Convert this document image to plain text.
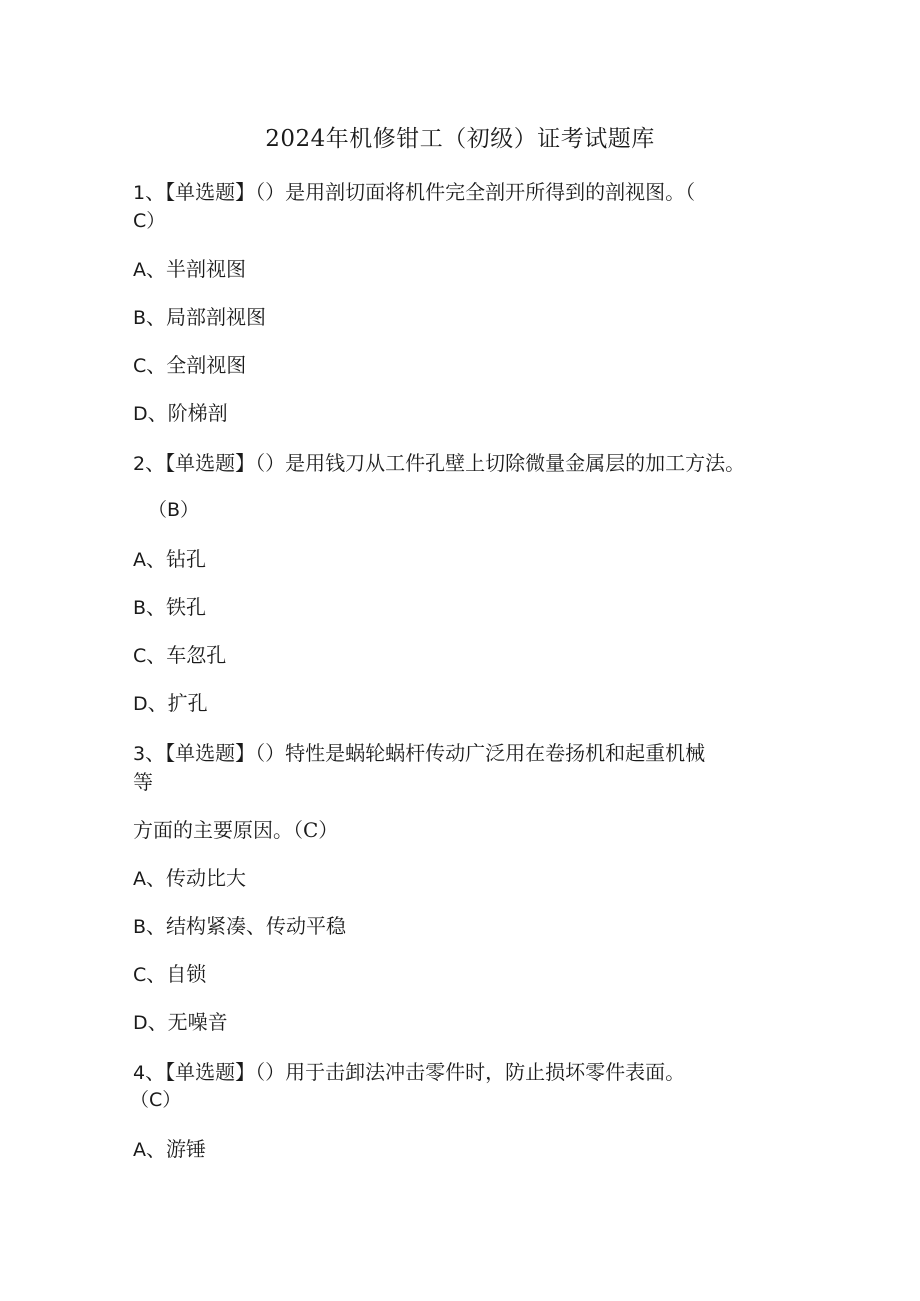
2024年机修钳工（初级）证考试题库
1、【单选题】（）是用剖切面将机件完全剖开所得到的剖视图。（
C）
A、半剖视图
B、局部剖视图
C、全剖视图
D、阶梯剖
2、【单选题】（）是用钱刀从工件孔壁上切除微量金属层的加工方法。
（B）
A、钻孔
B、铁孔
C、车忽孔
D、扩孔
3、【单选题】（）特性是蜗轮蜗杆传动广泛用在卷扬机和起重机械
等
方面的主要原因。（C）
A、传动比大
B、结构紧凑、传动平稳
C、自锁
D、无噪音
4、【单选题】（）用于击卸法冲击零件时，防止损坏零件表面。
（C）
A、游锤
